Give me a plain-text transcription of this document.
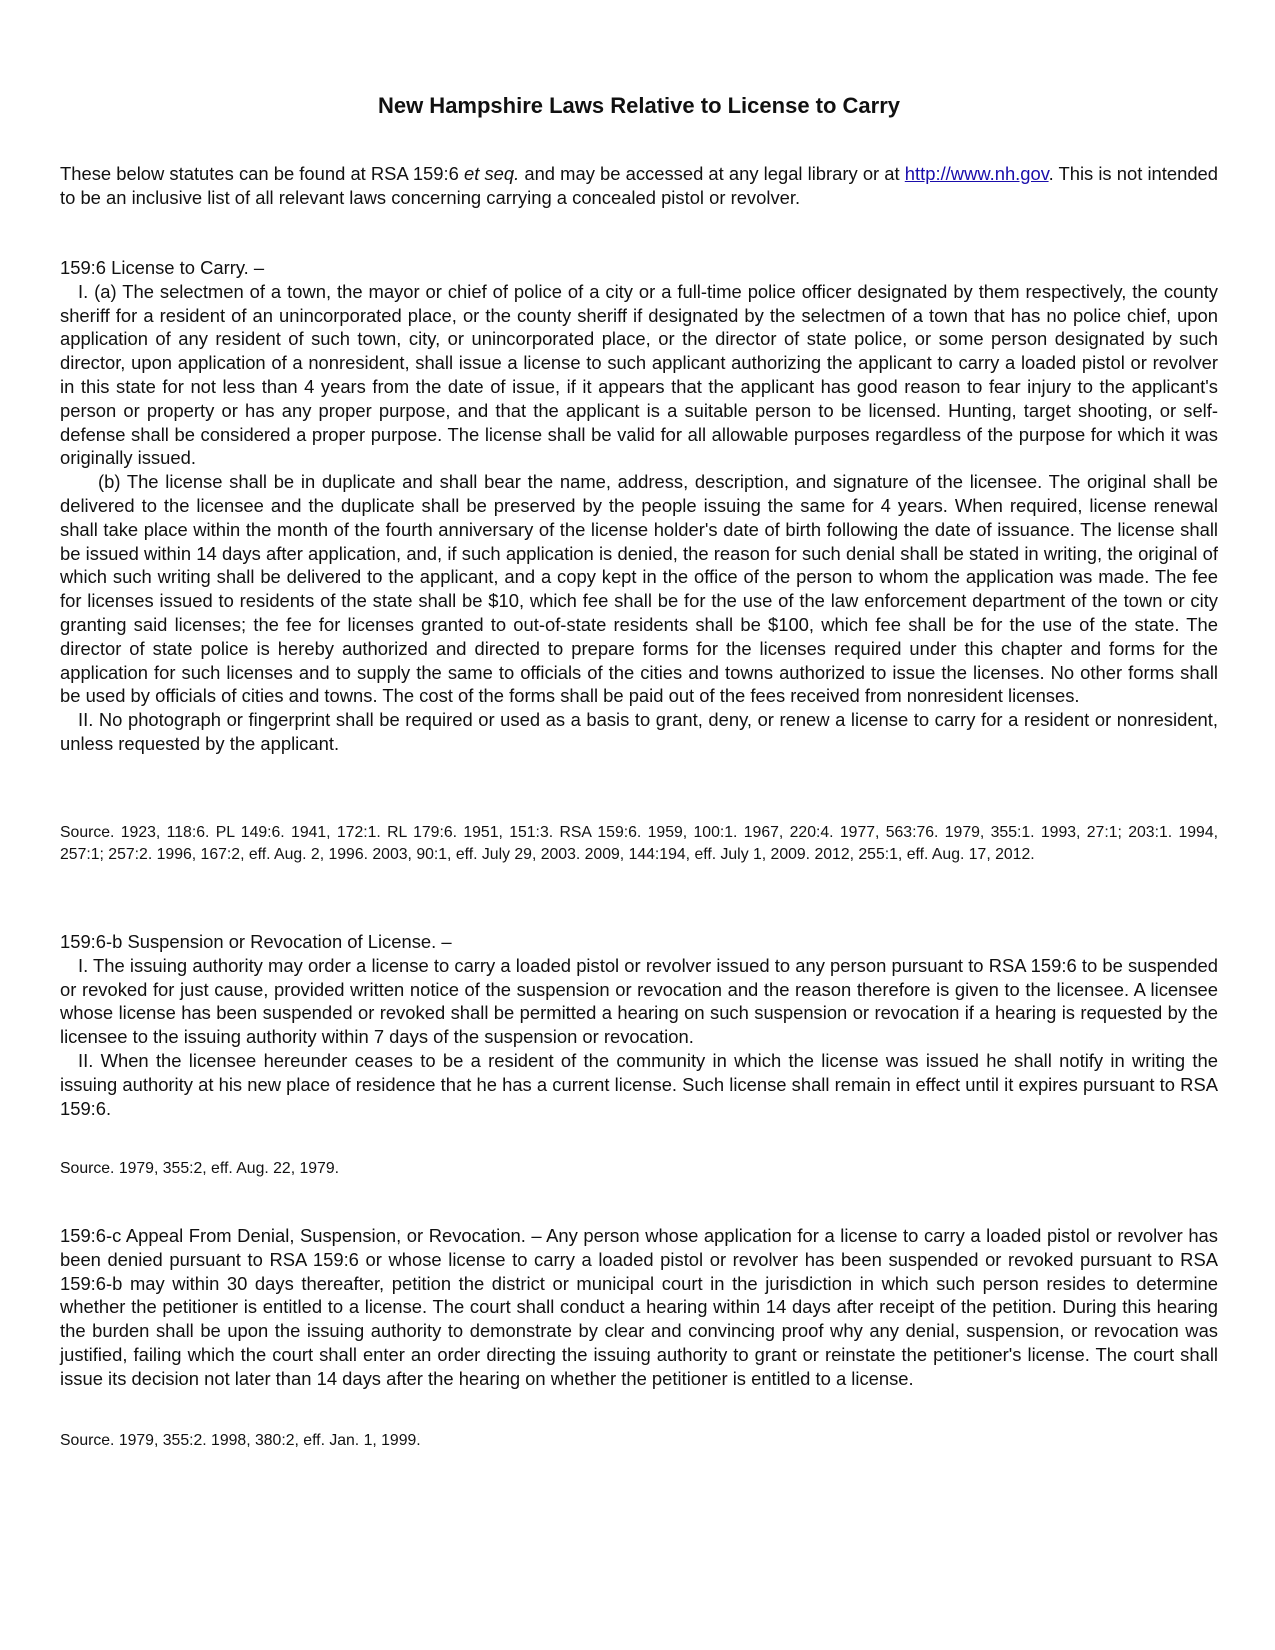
New Hampshire Laws Relative to License to Carry

These below statutes can be found at RSA 159:6 et seq. and may be accessed at any legal library or at http://www.nh.gov. This is not intended to be an inclusive list of all relevant laws concerning carrying a concealed pistol or revolver.

159:6 License to Carry. –

I. (a) The selectmen of a town, the mayor or chief of police of a city or a full-time police officer designated by them respectively, the county sheriff for a resident of an unincorporated place, or the county sheriff if designated by the selectmen of a town that has no police chief, upon application of any resident of such town, city, or unincorporated place, or the director of state police, or some person designated by such director, upon application of a nonresident, shall issue a license to such applicant authorizing the applicant to carry a loaded pistol or revolver in this state for not less than 4 years from the date of issue, if it appears that the applicant has good reason to fear injury to the applicant's person or property or has any proper purpose, and that the applicant is a suitable person to be licensed. Hunting, target shooting, or self-defense shall be considered a proper purpose. The license shall be valid for all allowable purposes regardless of the purpose for which it was originally issued.

(b) The license shall be in duplicate and shall bear the name, address, description, and signature of the licensee. The original shall be delivered to the licensee and the duplicate shall be preserved by the people issuing the same for 4 years. When required, license renewal shall take place within the month of the fourth anniversary of the license holder's date of birth following the date of issuance. The license shall be issued within 14 days after application, and, if such application is denied, the reason for such denial shall be stated in writing, the original of which such writing shall be delivered to the applicant, and a copy kept in the office of the person to whom the application was made. The fee for licenses issued to residents of the state shall be $10, which fee shall be for the use of the law enforcement department of the town or city granting said licenses; the fee for licenses granted to out-of-state residents shall be $100, which fee shall be for the use of the state. The director of state police is hereby authorized and directed to prepare forms for the licenses required under this chapter and forms for the application for such licenses and to supply the same to officials of the cities and towns authorized to issue the licenses. No other forms shall be used by officials of cities and towns. The cost of the forms shall be paid out of the fees received from nonresident licenses.

II. No photograph or fingerprint shall be required or used as a basis to grant, deny, or renew a license to carry for a resident or nonresident, unless requested by the applicant.

Source. 1923, 118:6. PL 149:6. 1941, 172:1. RL 179:6. 1951, 151:3. RSA 159:6. 1959, 100:1. 1967, 220:4. 1977, 563:76. 1979, 355:1. 1993, 27:1; 203:1. 1994, 257:1; 257:2. 1996, 167:2, eff. Aug. 2, 1996. 2003, 90:1, eff. July 29, 2003. 2009, 144:194, eff. July 1, 2009. 2012, 255:1, eff. Aug. 17, 2012.

159:6-b Suspension or Revocation of License. –

I. The issuing authority may order a license to carry a loaded pistol or revolver issued to any person pursuant to RSA 159:6 to be suspended or revoked for just cause, provided written notice of the suspension or revocation and the reason therefore is given to the licensee. A licensee whose license has been suspended or revoked shall be permitted a hearing on such suspension or revocation if a hearing is requested by the licensee to the issuing authority within 7 days of the suspension or revocation.

II. When the licensee hereunder ceases to be a resident of the community in which the license was issued he shall notify in writing the issuing authority at his new place of residence that he has a current license. Such license shall remain in effect until it expires pursuant to RSA 159:6.

Source. 1979, 355:2, eff. Aug. 22, 1979.

159:6-c Appeal From Denial, Suspension, or Revocation. – Any person whose application for a license to carry a loaded pistol or revolver has been denied pursuant to RSA 159:6 or whose license to carry a loaded pistol or revolver has been suspended or revoked pursuant to RSA 159:6-b may within 30 days thereafter, petition the district or municipal court in the jurisdiction in which such person resides to determine whether the petitioner is entitled to a license. The court shall conduct a hearing within 14 days after receipt of the petition. During this hearing the burden shall be upon the issuing authority to demonstrate by clear and convincing proof why any denial, suspension, or revocation was justified, failing which the court shall enter an order directing the issuing authority to grant or reinstate the petitioner's license. The court shall issue its decision not later than 14 days after the hearing on whether the petitioner is entitled to a license.

Source. 1979, 355:2. 1998, 380:2, eff. Jan. 1, 1999.
